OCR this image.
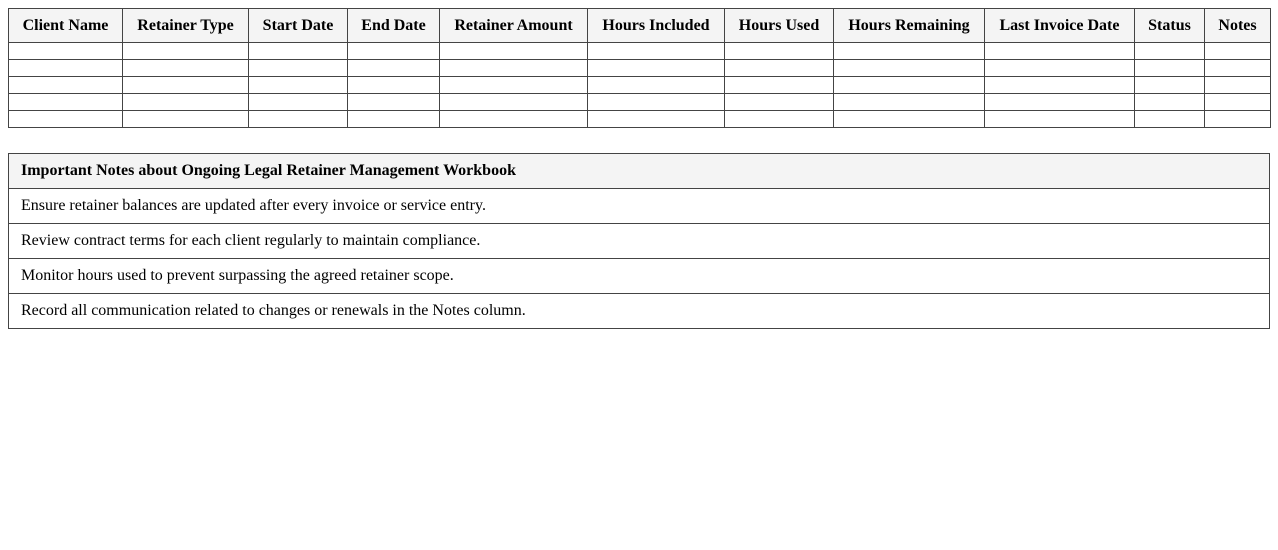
Client Name	Retainer Type	Start Date	End Date	Retainer Amount	Hours Included	Hours Used	Hours Remaining	Last Invoice Date	Status	Notes

Important Notes about Ongoing Legal Retainer Management Workbook
Ensure retainer balances are updated after every invoice or service entry.
Review contract terms for each client regularly to maintain compliance.
Monitor hours used to prevent surpassing the agreed retainer scope.
Record all communication related to changes or renewals in the Notes column.
